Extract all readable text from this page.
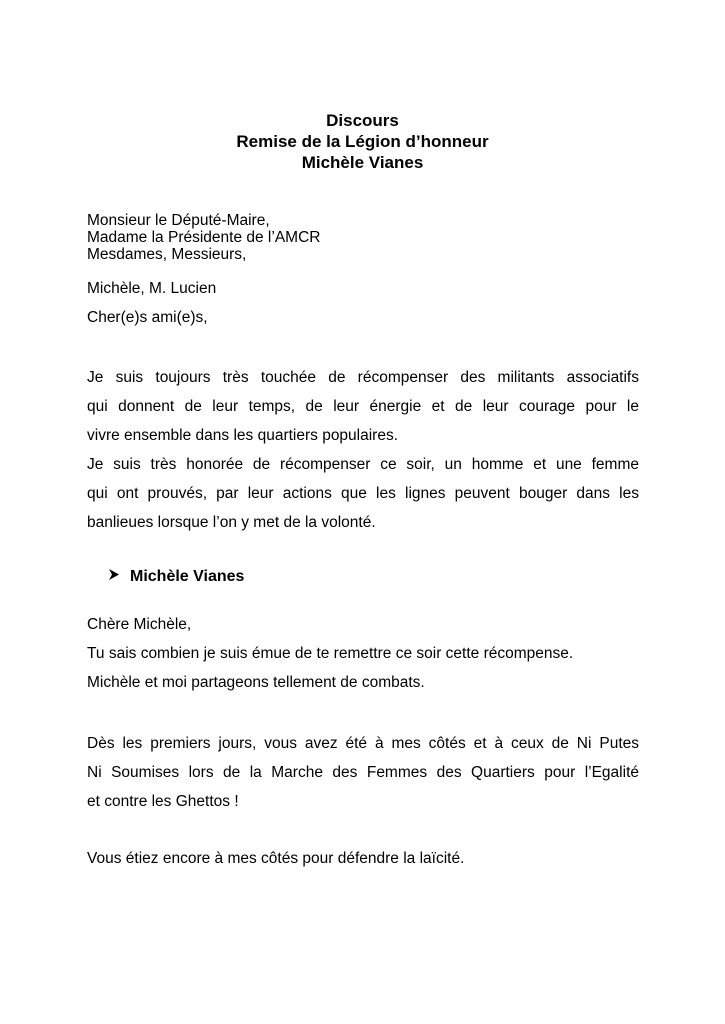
Discours
Remise de la Légion d’honneur
Michèle Vianes
Monsieur le Député-Maire,
Madame la Présidente de l’AMCR
Mesdames, Messieurs,
Michèle, M. Lucien
Cher(e)s ami(e)s,
Je suis toujours très touchée de récompenser des militants associatifs
qui donnent de leur temps, de leur énergie et de leur courage pour le
vivre ensemble dans les quartiers populaires.
Je suis très honorée de récompenser ce soir, un homme et une femme
qui ont prouvés, par leur actions que les lignes peuvent bouger dans les
banlieues lorsque l’on y met de la volonté.
Michèle Vianes
Chère Michèle,
Tu sais combien je suis émue de te remettre ce soir cette récompense.
Michèle et moi partageons tellement de combats.
Dès les premiers jours, vous avez été à mes côtés et à ceux de Ni Putes
Ni Soumises lors de la Marche des Femmes des Quartiers pour l’Egalité
et contre les Ghettos !
Vous étiez encore à mes côtés pour défendre la laïcité.
